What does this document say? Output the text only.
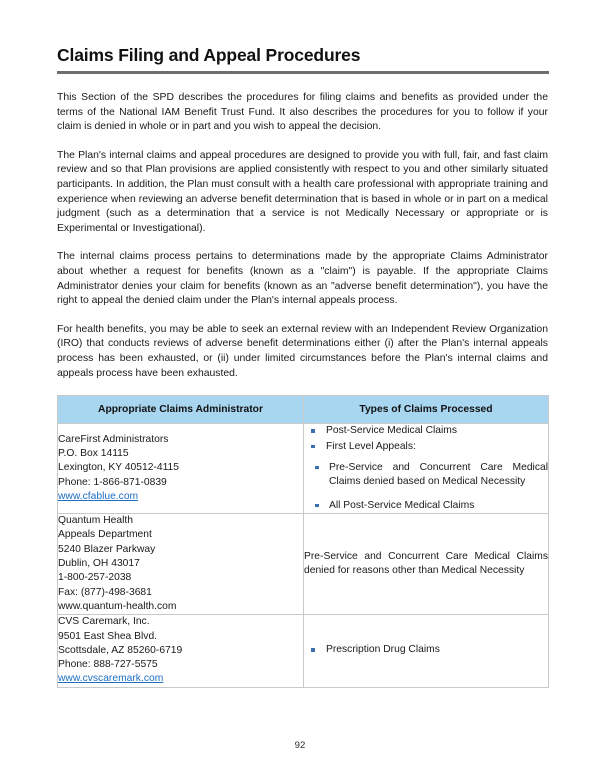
Claims Filing and Appeal Procedures

This Section of the SPD describes the procedures for filing claims and benefits as provided under the terms of the National IAM Benefit Trust Fund. It also describes the procedures for you to follow if your claim is denied in whole or in part and you wish to appeal the decision.

The Plan's internal claims and appeal procedures are designed to provide you with full, fair, and fast claim review and so that Plan provisions are applied consistently with respect to you and other similarly situated participants. In addition, the Plan must consult with a health care professional with appropriate training and experience when reviewing an adverse benefit determination that is based in whole or in part on a medical judgment (such as a determination that a service is not Medically Necessary or appropriate or is Experimental or Investigational).

The internal claims process pertains to determinations made by the appropriate Claims Administrator about whether a request for benefits (known as a "claim") is payable. If the appropriate Claims Administrator denies your claim for benefits (known as an "adverse benefit determination"), you have the right to appeal the denied claim under the Plan's internal appeals process.

For health benefits, you may be able to seek an external review with an Independent Review Organization (IRO) that conducts reviews of adverse benefit determinations either (i) after the Plan's internal appeals process has been exhausted, or (ii) under limited circumstances before the Plan's internal claims and appeals process have been exhausted.

Appropriate Claims Administrator	Types of Claims Processed

CareFirst Administrators
P.O. Box 14115
Lexington, KY 40512-4115
Phone: 1-866-871-0839
www.cfablue.com

Post-Service Medical Claims
First Level Appeals:
Pre-Service and Concurrent Care Medical Claims denied based on Medical Necessity
All Post-Service Medical Claims

Quantum Health
Appeals Department
5240 Blazer Parkway
Dublin, OH 43017
1-800-257-2038
Fax: (877)-498-3681
www.quantum-health.com

Pre-Service and Concurrent Care Medical Claims denied for reasons other than Medical Necessity

CVS Caremark, Inc.
9501 East Shea Blvd.
Scottsdale, AZ 85260-6719
Phone: 888-727-5575
www.cvscaremark.com

Prescription Drug Claims
92
